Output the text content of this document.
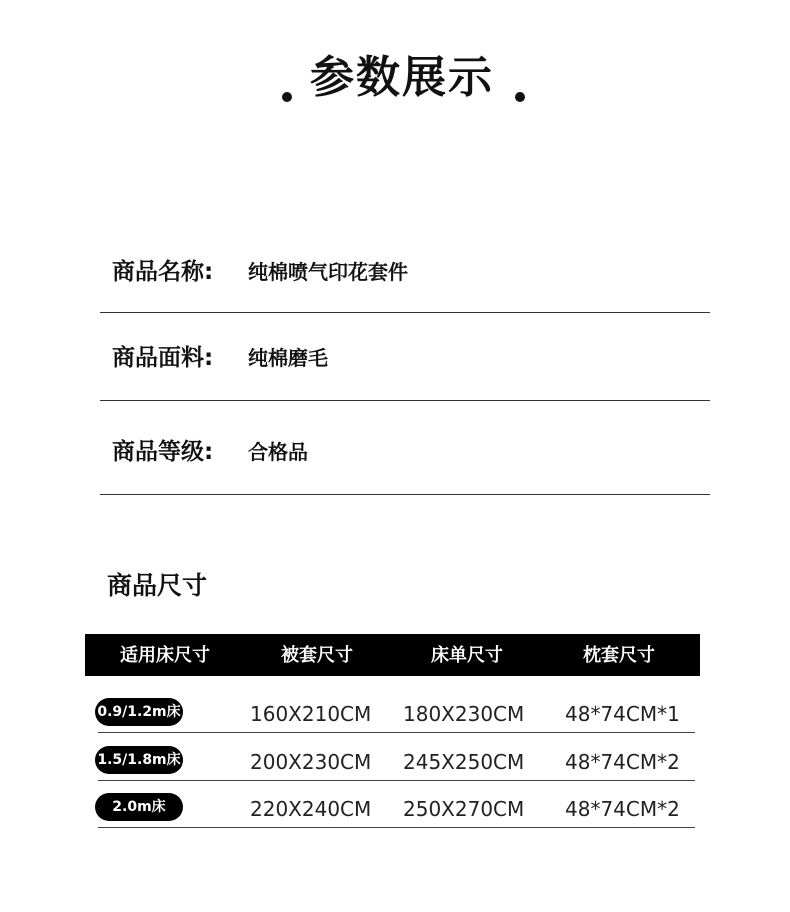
参数展示
商品名称: 纯棉喷气印花套件
商品面料: 纯棉磨毛
商品等级: 合格品
商品尺寸
适用床尺寸	被套尺寸	床单尺寸	枕套尺寸
0.9/1.2m床	160X210CM 180X230CM 48*74CM*1
1.5/1.8m床	200X230CM 245X250CM 48*74CM*2
2.0m床	220X240CM 250X270CM 48*74CM*2
